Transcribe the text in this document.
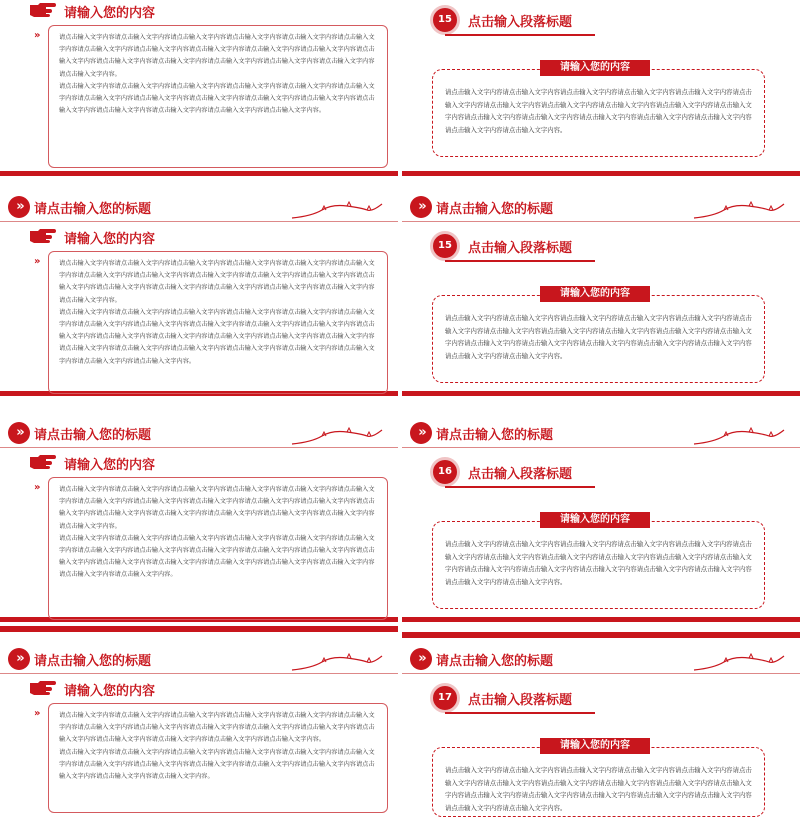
» 请点击输入您的标题	» 请点击输入您的标题
» 请点击输入您的标题	» 请点击输入您的标题
» 请点击输入您的标题	» 请点击输入您的标题
请输入您的内容
»	请点击输入文字内容请点击输入文字内容请点击输入文字内容请点击输入文字内容请点击输入文字内容请点击输入文字内容请点击输入文字内容请点击输入文字内容请点击输入文字内容请点击输入文字内容请点击输入文字内容请点击输入文字内容请点击输入文字内容请点击输入文字内容请点击输入文字内容请点击输入文字内容请点击输入文字内容请点击输入文字内容。

请点击输入文字内容请点击输入文字内容请点击输入文字内容请点击输入文字内容请点击输入文字内容请点击输入文字内容请点击输入文字内容请点击输入文字内容请点击输入文字内容请点击输入文字内容请点击输入文字内容请点击输入文字内容请点击输入文字内容请点击输入文字内容请点击输入文字内容请点击输入文字内容。

请输入您的内容
»	请点击输入文字内容请点击输入文字内容请点击输入文字内容请点击输入文字内容请点击输入文字内容请点击输入文字内容请点击输入文字内容请点击输入文字内容请点击输入文字内容请点击输入文字内容请点击输入文字内容请点击输入文字内容请点击输入文字内容请点击输入文字内容请点击输入文字内容请点击输入文字内容请点击输入文字内容请点击输入文字内容。

请点击输入文字内容请点击输入文字内容请点击输入文字内容请点击输入文字内容请点击输入文字内容请点击输入文字内容请点击输入文字内容请点击输入文字内容请点击输入文字内容请点击输入文字内容请点击输入文字内容请点击输入文字内容请点击输入文字内容请点击输入文字内容请点击输入文字内容请点击输入文字内容请点击输入文字内容

请点击输入文字内容请点击输入文字内容请点击输入文字内容请点击输入文字内容请点击输入文字内容请点击输入文字内容请点击输入文字内容请点击输入文字内容。

请输入您的内容
»	请点击输入文字内容请点击输入文字内容请点击输入文字内容请点击输入文字内容请点击输入文字内容请点击输入文字内容请点击输入文字内容请点击输入文字内容请点击输入文字内容请点击输入文字内容请点击输入文字内容请点击输入文字内容请点击输入文字内容请点击输入文字内容请点击输入文字内容请点击输入文字内容请点击输入文字内容请点击输入文字内容。

请点击输入文字内容请点击输入文字内容请点击输入文字内容请点击输入文字内容请点击输入文字内容请点击输入文字内容请点击输入文字内容请点击输入文字内容请点击输入文字内容请点击输入文字内容请点击输入文字内容请点击输入文字内容请点击输入文字内容请点击输入文字内容请点击输入文字内容请点击输入文字内容请点击输入文字内容

请点击输入文字内容请点击输入文字内容。

请输入您的内容
»	请点击输入文字内容请点击输入文字内容请点击输入文字内容请点击输入文字内容请点击输入文字内容请点击输入文字内容请点击输入文字内容请点击输入文字内容请点击输入文字内容请点击输入文字内容请点击输入文字内容请点击输入文字内容请点击输入文字内容请点击输入文字内容请点击输入文字内容请点击输入文字内容。

请点击输入文字内容请点击输入文字内容请点击输入文字内容请点击输入文字内容请点击输入文字内容请点击输入文字内容请点击输入文字内容请点击输入文字内容请点击输入文字内容请点击输入文字内容请点击输入文字内容请点击输入文字内容请点击输入文字内容请点击输入文字内容。

15	点击输入段落标题

请点击输入文字内容请点击输入文字内容请点击输入文字内容请点击输入文字内容请点击输入文字内容请点击输入文字内容请点击输入文字内容请点击输入文字内容请点击输入文字内容请点击输入文字内容请点击输入文字内容请点击输入文字内容请点击输入文字内容请点击输入文字内容请点击输入文字内容请点击输入文字内容请点击输入文字内容请点击输入文字内容。

请输入您的内容
15	点击输入段落标题

请点击输入文字内容请点击输入文字内容请点击输入文字内容请点击输入文字内容请点击输入文字内容请点击输入文字内容请点击输入文字内容请点击输入文字内容请点击输入文字内容请点击输入文字内容请点击输入文字内容请点击输入文字内容请点击输入文字内容请点击输入文字内容请点击输入文字内容请点击输入文字内容请点击输入文字内容请点击输入文字内容。

请输入您的内容
16	点击输入段落标题

请点击输入文字内容请点击输入文字内容请点击输入文字内容请点击输入文字内容请点击输入文字内容请点击输入文字内容请点击输入文字内容请点击输入文字内容请点击输入文字内容请点击输入文字内容请点击输入文字内容请点击输入文字内容请点击输入文字内容请点击输入文字内容请点击输入文字内容请点击输入文字内容请点击输入文字内容请点击输入文字内容。

请输入您的内容
17	点击输入段落标题

请点击输入文字内容请点击输入文字内容请点击输入文字内容请点击输入文字内容请点击输入文字内容请点击输入文字内容请点击输入文字内容请点击输入文字内容请点击输入文字内容请点击输入文字内容请点击输入文字内容请点击输入文字内容请点击输入文字内容请点击输入文字内容请点击输入文字内容请点击输入文字内容请点击输入文字内容请点击输入文字内容。

请输入您的内容
